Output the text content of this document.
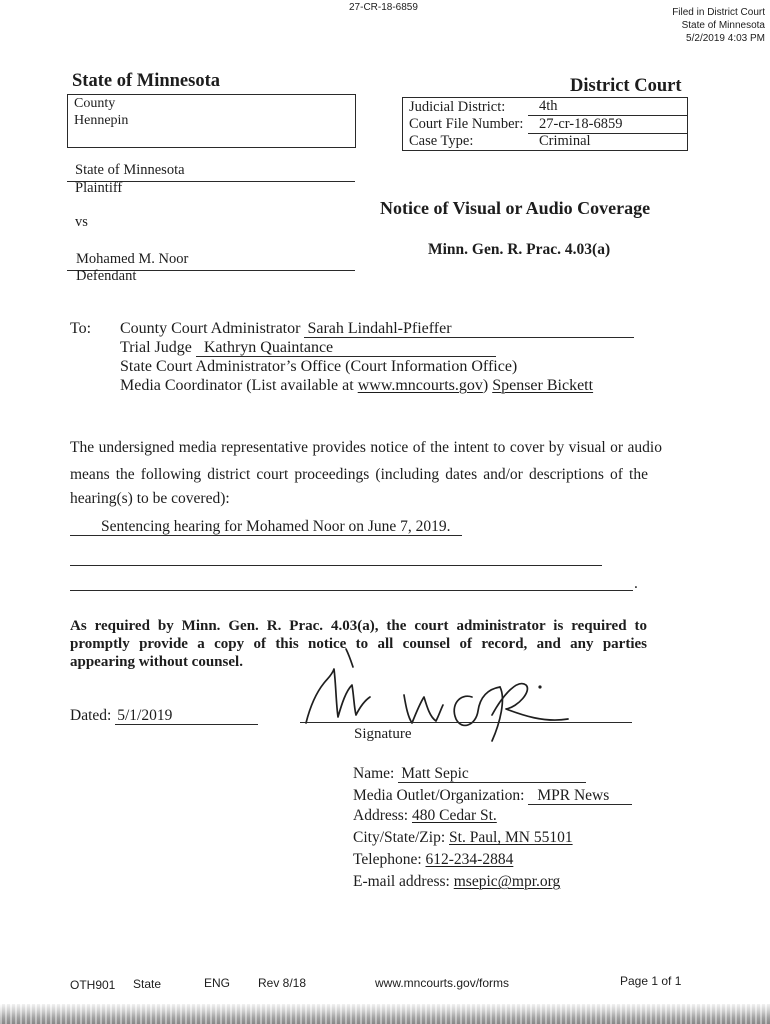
27-CR-18-6859	Filed in District Court
State of Minnesota
5/2/2019 4:03 PM
State of Minnesota
County
Hennepin
District Court
Judicial District:	4th
Court File Number:	27-cr-18-6859
Case Type:	Criminal
State of Minnesota
Plaintiff
vs
Mohamed M. Noor
Defendant
Notice of Visual or Audio Coverage
Minn. Gen. R. Prac. 4.03(a)
To: County Court Administrator Sarah Lindahl-Pfieffer
Trial Judge Kathryn Quaintance
State Court Administrator’s Office (Court Information Office)
Media Coordinator (List available at www.mncourts.gov) Spenser Bickett
The undersigned media representative provides notice of the intent to cover by visual or audio
means the following district court proceedings (including dates and/or descriptions of the
hearing(s) to be covered):
Sentencing hearing for Mohamed Noor on June 7, 2019.
.
As required by Minn. Gen. R. Prac. 4.03(a), the court administrator is required to
promptly provide a copy of this notice to all counsel of record, and any parties
appearing without counsel.
Dated: 5/1/2019
Signature
Name: Matt Sepic
Media Outlet/Organization: MPR News
Address: 480 Cedar St.
City/State/Zip: St. Paul, MN 55101
Telephone: 612-234-2884
E-mail address: msepic@mpr.org
OTH901 State	ENG Rev 8/18	www.mncourts.gov/forms	Page 1 of 1
